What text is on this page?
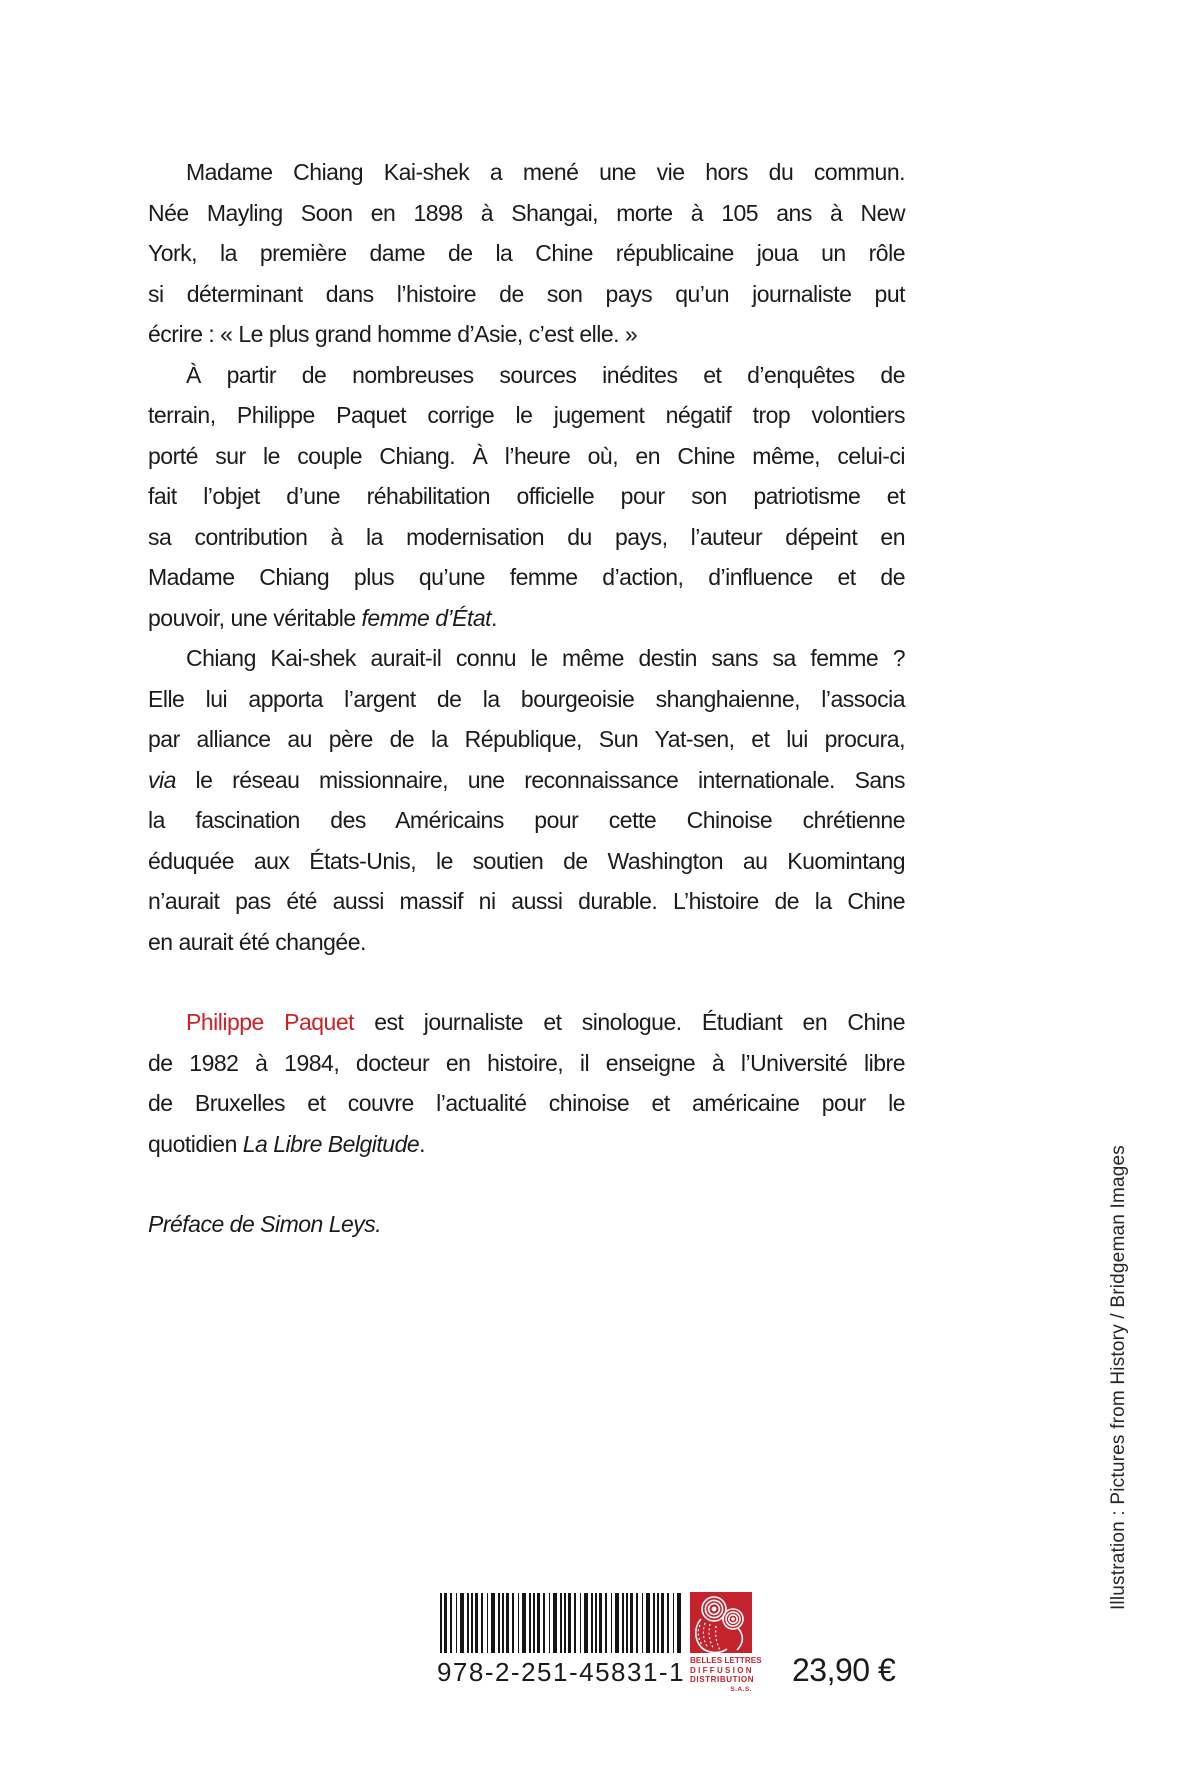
Madame Chiang Kai-shek a mené une vie hors du commun.
Née Mayling Soon en 1898 à Shangai, morte à 105 ans à New
York, la première dame de la Chine républicaine joua un rôle
si déterminant dans l’histoire de son pays qu’un journaliste put
écrire : « Le plus grand homme d’Asie, c’est elle. »
À partir de nombreuses sources inédites et d’enquêtes de
terrain, Philippe Paquet corrige le jugement négatif trop volontiers
porté sur le couple Chiang. À l’heure où, en Chine même, celui-ci
fait l’objet d’une réhabilitation officielle pour son patriotisme et
sa contribution à la modernisation du pays, l’auteur dépeint en
Madame Chiang plus qu’une femme d’action, d’influence et de
pouvoir, une véritable femme d’État.
Chiang Kai-shek aurait-il connu le même destin sans sa femme ?
Elle lui apporta l’argent de la bourgeoisie shanghaienne, l’associa
par alliance au père de la République, Sun Yat-sen, et lui procura,
via le réseau missionnaire, une reconnaissance internationale. Sans
la fascination des Américains pour cette Chinoise chrétienne
éduquée aux États-Unis, le soutien de Washington au Kuomintang
n’aurait pas été aussi massif ni aussi durable. L’histoire de la Chine
en aurait été changée.
Philippe Paquet est journaliste et sinologue. Étudiant en Chine
de 1982 à 1984, docteur en histoire, il enseigne à l’Université libre
de Bruxelles et couvre l’actualité chinoise et américaine pour le
quotidien La Libre Belgitude.
Préface de Simon Leys.
978-2-251-45831-1 BELLES LETTRES
DIFFUSION
DISTRIBUTION
S.A.S.
23,90 €
Illustration : Pictures from History / Bridgeman Images
